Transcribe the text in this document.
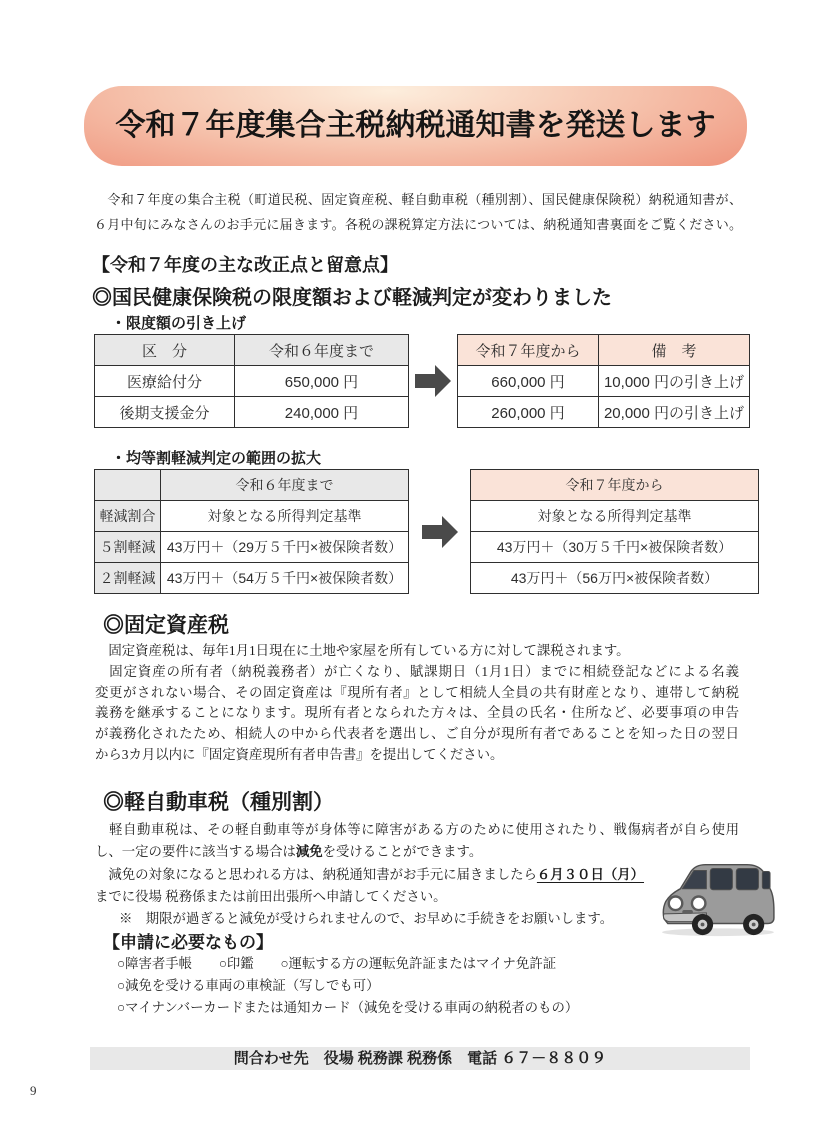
令和７年度集合主税納税通知書を発送します
　令和７年度の集合主税（町道民税、固定資産税、軽自動車税（種別割）、国民健康保険税）納税通知書が、
６月中旬にみなさんのお手元に届きます。各税の課税算定方法については、納税通知書裏面をご覧ください。
【令和７年度の主な改正点と留意点】
◎国民健康保険税の限度額および軽減判定が変わりました
・限度額の引き上げ
区　分	令和６年度まで
医療給付分	650,000 円
後期支援金分	240,000 円
令和７年度から	備　考
660,000 円	10,000 円の引き上げ
260,000 円	20,000 円の引き上げ
・均等割軽減判定の範囲の拡大
	令和６年度まで
軽減割合	対象となる所得判定基準
５割軽減	43万円＋（29万５千円×被保険者数）
２割軽減	43万円＋（54万５千円×被保険者数）
令和７年度から
対象となる所得判定基準
43万円＋（30万５千円×被保険者数）
43万円＋（56万円×被保険者数）
◎固定資産税
　固定資産税は、毎年1月1日現在に土地や家屋を所有している方に対して課税されます。
　固定資産の所有者（納税義務者）が亡くなり、賦課期日（1月1日）までに相続登記などによる名義
変更がされない場合、その固定資産は『現所有者』として相続人全員の共有財産となり、連帯して納税
義務を継承することになります。現所有者となられた方々は、全員の氏名・住所など、必要事項の申告
が義務化されたため、相続人の中から代表者を選出し、ご自分が現所有者であることを知った日の翌日
から3カ月以内に『固定資産現所有者申告書』を提出してください。
◎軽自動車税（種別割）
　軽自動車税は、その軽自動車等が身体等に障害がある方のために使用されたり、戦傷病者が自ら使用
し、一定の要件に該当する場合は減免を受けることができます。
　減免の対象になると思われる方は、納税通知書がお手元に届きましたら６月３０日（月）
までに役場 税務係または前田出張所へ申請してください。
※　期限が過ぎると減免が受けられませんので、お早めに手続きをお願いします。
【申請に必要なもの】
○障害者手帳　　○印鑑　　○運転する方の運転免許証またはマイナ免許証
○減免を受ける車両の車検証（写しでも可）
○マイナンバーカードまたは通知カード（減免を受ける車両の納税者のもの）
問合わせ先　役場 税務課 税務係　電話 ６７－８８０９
9
